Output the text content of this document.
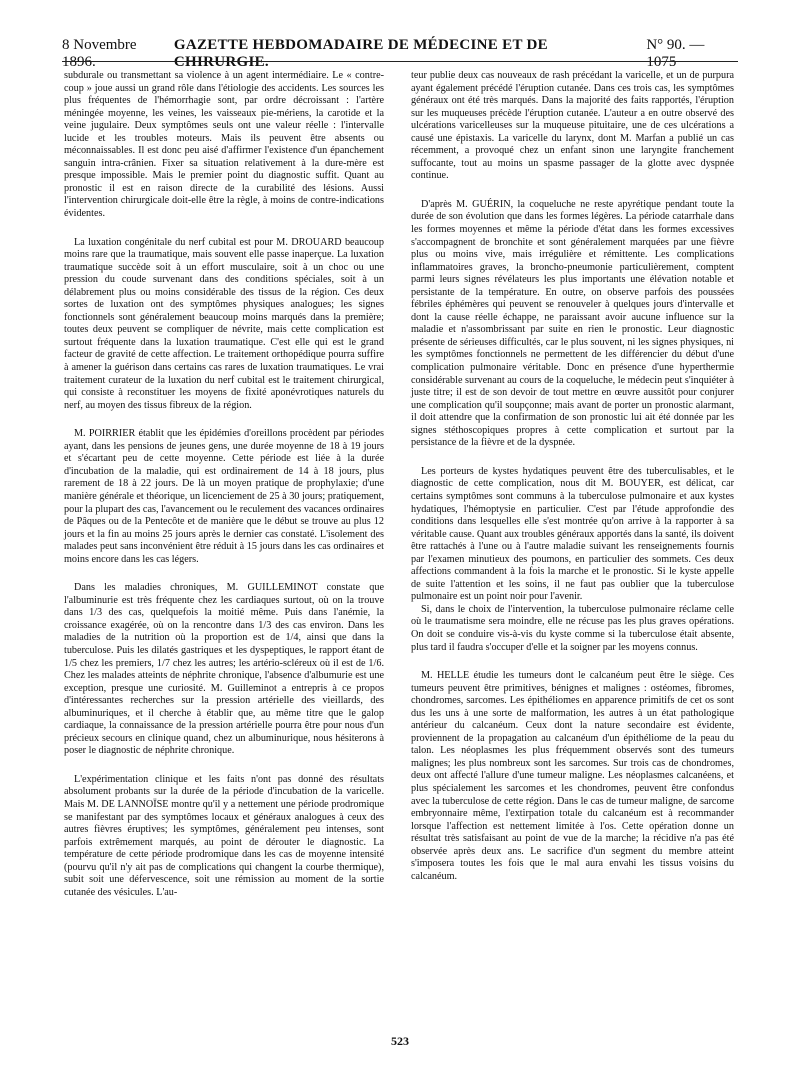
8 Novembre 1896.
GAZETTE HEBDOMADAIRE DE MÉDECINE ET DE CHIRURGIE.
N° 90. — 1075

subdurale ou transmettant sa violence à un agent intermédiaire. Le « contre-coup » joue aussi un grand rôle dans l'étiologie des accidents. Les sources les plus fréquentes de l'hémorrhagie sont, par ordre décroissant : l'artère méningée moyenne, les veines, les vaisseaux pie-mériens, la carotide et la veine jugulaire. Deux symptômes seuls ont une valeur réelle : l'intervalle lucide et les troubles moteurs. Mais ils peuvent être absents ou méconnaissables. Il est donc peu aisé d'affirmer l'existence d'un épanchement sanguin intra-crânien. Fixer sa situation relativement à la dure-mère est presque impossible. Mais le premier point du diagnostic suffit. Quant au pronostic il est en raison directe de la curabilité des lésions. Aussi l'intervention chirurgicale doit-elle être la règle, à moins de contre-indications évidentes.

La luxation congénitale du nerf cubital est pour M. DROUARD beaucoup moins rare que la traumatique, mais souvent elle passe inaperçue. La luxation traumatique succède soit à un effort musculaire, soit à un choc ou une pression du coude survenant dans des conditions spéciales, soit à un délabrement plus ou moins considérable des tissus de la région. Ces deux sortes de luxation ont des symptômes physiques analogues; les signes fonctionnels sont généralement beaucoup moins marqués dans la première; toutes deux peuvent se compliquer de névrite, mais cette complication est surtout fréquente dans la luxation traumatique. C'est elle qui est le grand facteur de gravité de cette affection. Le traitement orthopédique pourra suffire à amener la guérison dans certains cas rares de luxation traumatiques. Le vrai traitement curateur de la luxation du nerf cubital est le traitement chirurgical, qui consiste à reconstituer les moyens de fixité aponévrotiques naturels du nerf, au moyen des tissus fibreux de la région.

M. POIRRIER établit que les épidémies d'oreillons procèdent par périodes ayant, dans les pensions de jeunes gens, une durée moyenne de 18 à 19 jours et s'écartant peu de cette moyenne. Cette période est liée à la durée d'incubation de la maladie, qui est ordinairement de 14 à 18 jours, plus rarement de 18 à 22 jours. De là un moyen pratique de prophylaxie; d'une manière générale et théorique, un licenciement de 25 à 30 jours; pratiquement, pour la plupart des cas, l'avancement ou le reculement des vacances ordinaires de Pâques ou de la Pentecôte et de manière que le début se trouve au plus 12 jours et la fin au moins 25 jours après le dernier cas constaté. L'isolement des malades peut sans inconvénient être réduit à 15 jours dans les cas ordinaires et moins encore dans les cas légers.

Dans les maladies chroniques, M. GUILLEMINOT constate que l'albuminurie est très fréquente chez les cardiaques surtout, où on la trouve dans 1/3 des cas, quelquefois la moitié même. Puis dans l'anémie, la croissance exagérée, où on la rencontre dans 1/3 des cas environ. Dans les maladies de la nutrition où la proportion est de 1/4, ainsi que dans la tuberculose. Puis les dilatés gastriques et les dyspeptiques, le rapport étant de 1/5 chez les premiers, 1/7 chez les autres; les artério-scléreux où il est de 1/6. Chez les malades atteints de néphrite chronique, l'absence d'albumurie est une exception, presque une curiosité. M. Guilleminot a entrepris à ce propos d'intéressantes recherches sur la pression artérielle des vieillards, des albuminuriques, et il cherche à établir que, au même titre que le galop cardiaque, la connaissance de la pression artérielle pourra être pour nous d'un précieux secours en clinique quand, chez un albuminurique, nous hésiterons à poser le diagnostic de néphrite chronique.

L'expérimentation clinique et les faits n'ont pas donné des résultats absolument probants sur la durée de la période d'incubation de la varicelle. Mais M. DE LANNOÏSE montre qu'il y a nettement une période prodromique se manifestant par des symptômes locaux et généraux analogues à ceux des autres fièvres éruptives; les symptômes, généralement peu intenses, sont parfois extrêmement marqués, au point de dérouter le diagnostic. La température de cette période prodromique dans les cas de moyenne intensité (pourvu qu'il n'y ait pas de complications qui changent la courbe thermique), subit soit une défervescence, soit une rémission au moment de la sortie cutanée des vésicules. L'au-

teur publie deux cas nouveaux de rash précédant la varicelle, et un de purpura ayant également précédé l'éruption cutanée. Dans ces trois cas, les symptômes généraux ont été très marqués. Dans la majorité des faits rapportés, l'éruption sur les muqueuses précède l'éruption cutanée. L'auteur a en outre observé des ulcérations varicelleuses sur la muqueuse pituitaire, une de ces ulcérations a causé une épistaxis. La varicelle du larynx, dont M. Marfan a publié un cas récemment, a provoqué chez un enfant sinon une laryngite franchement suffocante, tout au moins un spasme passager de la glotte avec dyspnée continue.

D'après M. GUÉRIN, la coqueluche ne reste apyrétique pendant toute la durée de son évolution que dans les formes légères. La période catarrhale dans les formes moyennes et même la période d'état dans les formes excessives s'accompagnent de bronchite et sont généralement marquées par une fièvre plus ou moins vive, mais irrégulière et rémittente. Les complications inflammatoires graves, la broncho-pneumonie particulièrement, comptent parmi leurs signes révélateurs les plus importants une élévation notable et persistante de la température. En outre, on observe parfois des poussées fébriles éphémères qui peuvent se renouveler à quelques jours d'intervalle et dont la cause réelle échappe, ne paraissant avoir aucune influence sur la maladie et n'assombrissant par suite en rien le pronostic. Leur diagnostic présente de sérieuses difficultés, car le plus souvent, ni les signes physiques, ni les symptômes fonctionnels ne permettent de les différencier du début d'une complication pulmonaire véritable. Donc en présence d'une hyperthermie considérable survenant au cours de la coqueluche, le médecin peut s'inquiéter à juste titre; il est de son devoir de tout mettre en œuvre aussitôt pour conjurer une complication qu'il soupçonne; mais avant de porter un pronostic alarmant, il doit attendre que la confirmation de son pronostic lui ait été donnée par les signes stéthoscopiques propres à cette complication et surtout par la persistance de la fièvre et de la dyspnée.

Les porteurs de kystes hydatiques peuvent être des tuberculisables, et le diagnostic de cette complication, nous dit M. BOUYER, est délicat, car certains symptômes sont communs à la tuberculose pulmonaire et aux kystes hydatiques, l'hémoptysie en particulier. C'est par l'étude approfondie des conditions dans lesquelles elle s'est montrée qu'on arrive à la rapporter à sa véritable cause. Quant aux troubles généraux apportés dans la santé, ils doivent être rattachés à l'une ou à l'autre maladie suivant les renseignements fournis par l'examen minutieux des poumons, en particulier des sommets. Ces deux affections commandent à la fois la marche et le pronostic. Si le kyste appelle de suite l'attention et les soins, il ne faut pas oublier que la tuberculose pulmonaire est un point noir pour l'avenir.

Si, dans le choix de l'intervention, la tuberculose pulmonaire réclame celle où le traumatisme sera moindre, elle ne récuse pas les plus graves opérations. On doit se conduire vis-à-vis du kyste comme si la tuberculose était absente, plus tard il faudra s'occuper d'elle et la soigner par les moyens connus.

M. HELLE étudie les tumeurs dont le calcanéum peut être le siège. Ces tumeurs peuvent être primitives, bénignes et malignes : ostéomes, fibromes, chondromes, sarcomes. Les épithéliomes en apparence primitifs de cet os sont dus les uns à une sorte de malformation, les autres à un état pathologique antérieur du calcanéum. Ceux dont la nature secondaire est évidente, proviennent de la propagation au calcanéum d'un épithéliome de la peau du talon. Les néoplasmes les plus fréquemment observés sont des tumeurs malignes; les plus nombreux sont les sarcomes. Sur trois cas de chondromes, deux ont affecté l'allure d'une tumeur maligne. Les néoplasmes calcanéens, et plus spécialement les sarcomes et les chondromes, peuvent être confondus avec la tuberculose de cette région. Dans le cas de tumeur maligne, de sarcome embryonnaire même, l'extirpation totale du calcanéum est à recommander lorsque l'affection est nettement limitée à l'os. Cette opération donne un résultat très satisfaisant au point de vue de la marche; la récidive n'a pas été observée après deux ans. Le sacrifice d'un segment du membre atteint s'imposera toutes les fois que le mal aura envahi les tissus voisins du calcanéum.

523
